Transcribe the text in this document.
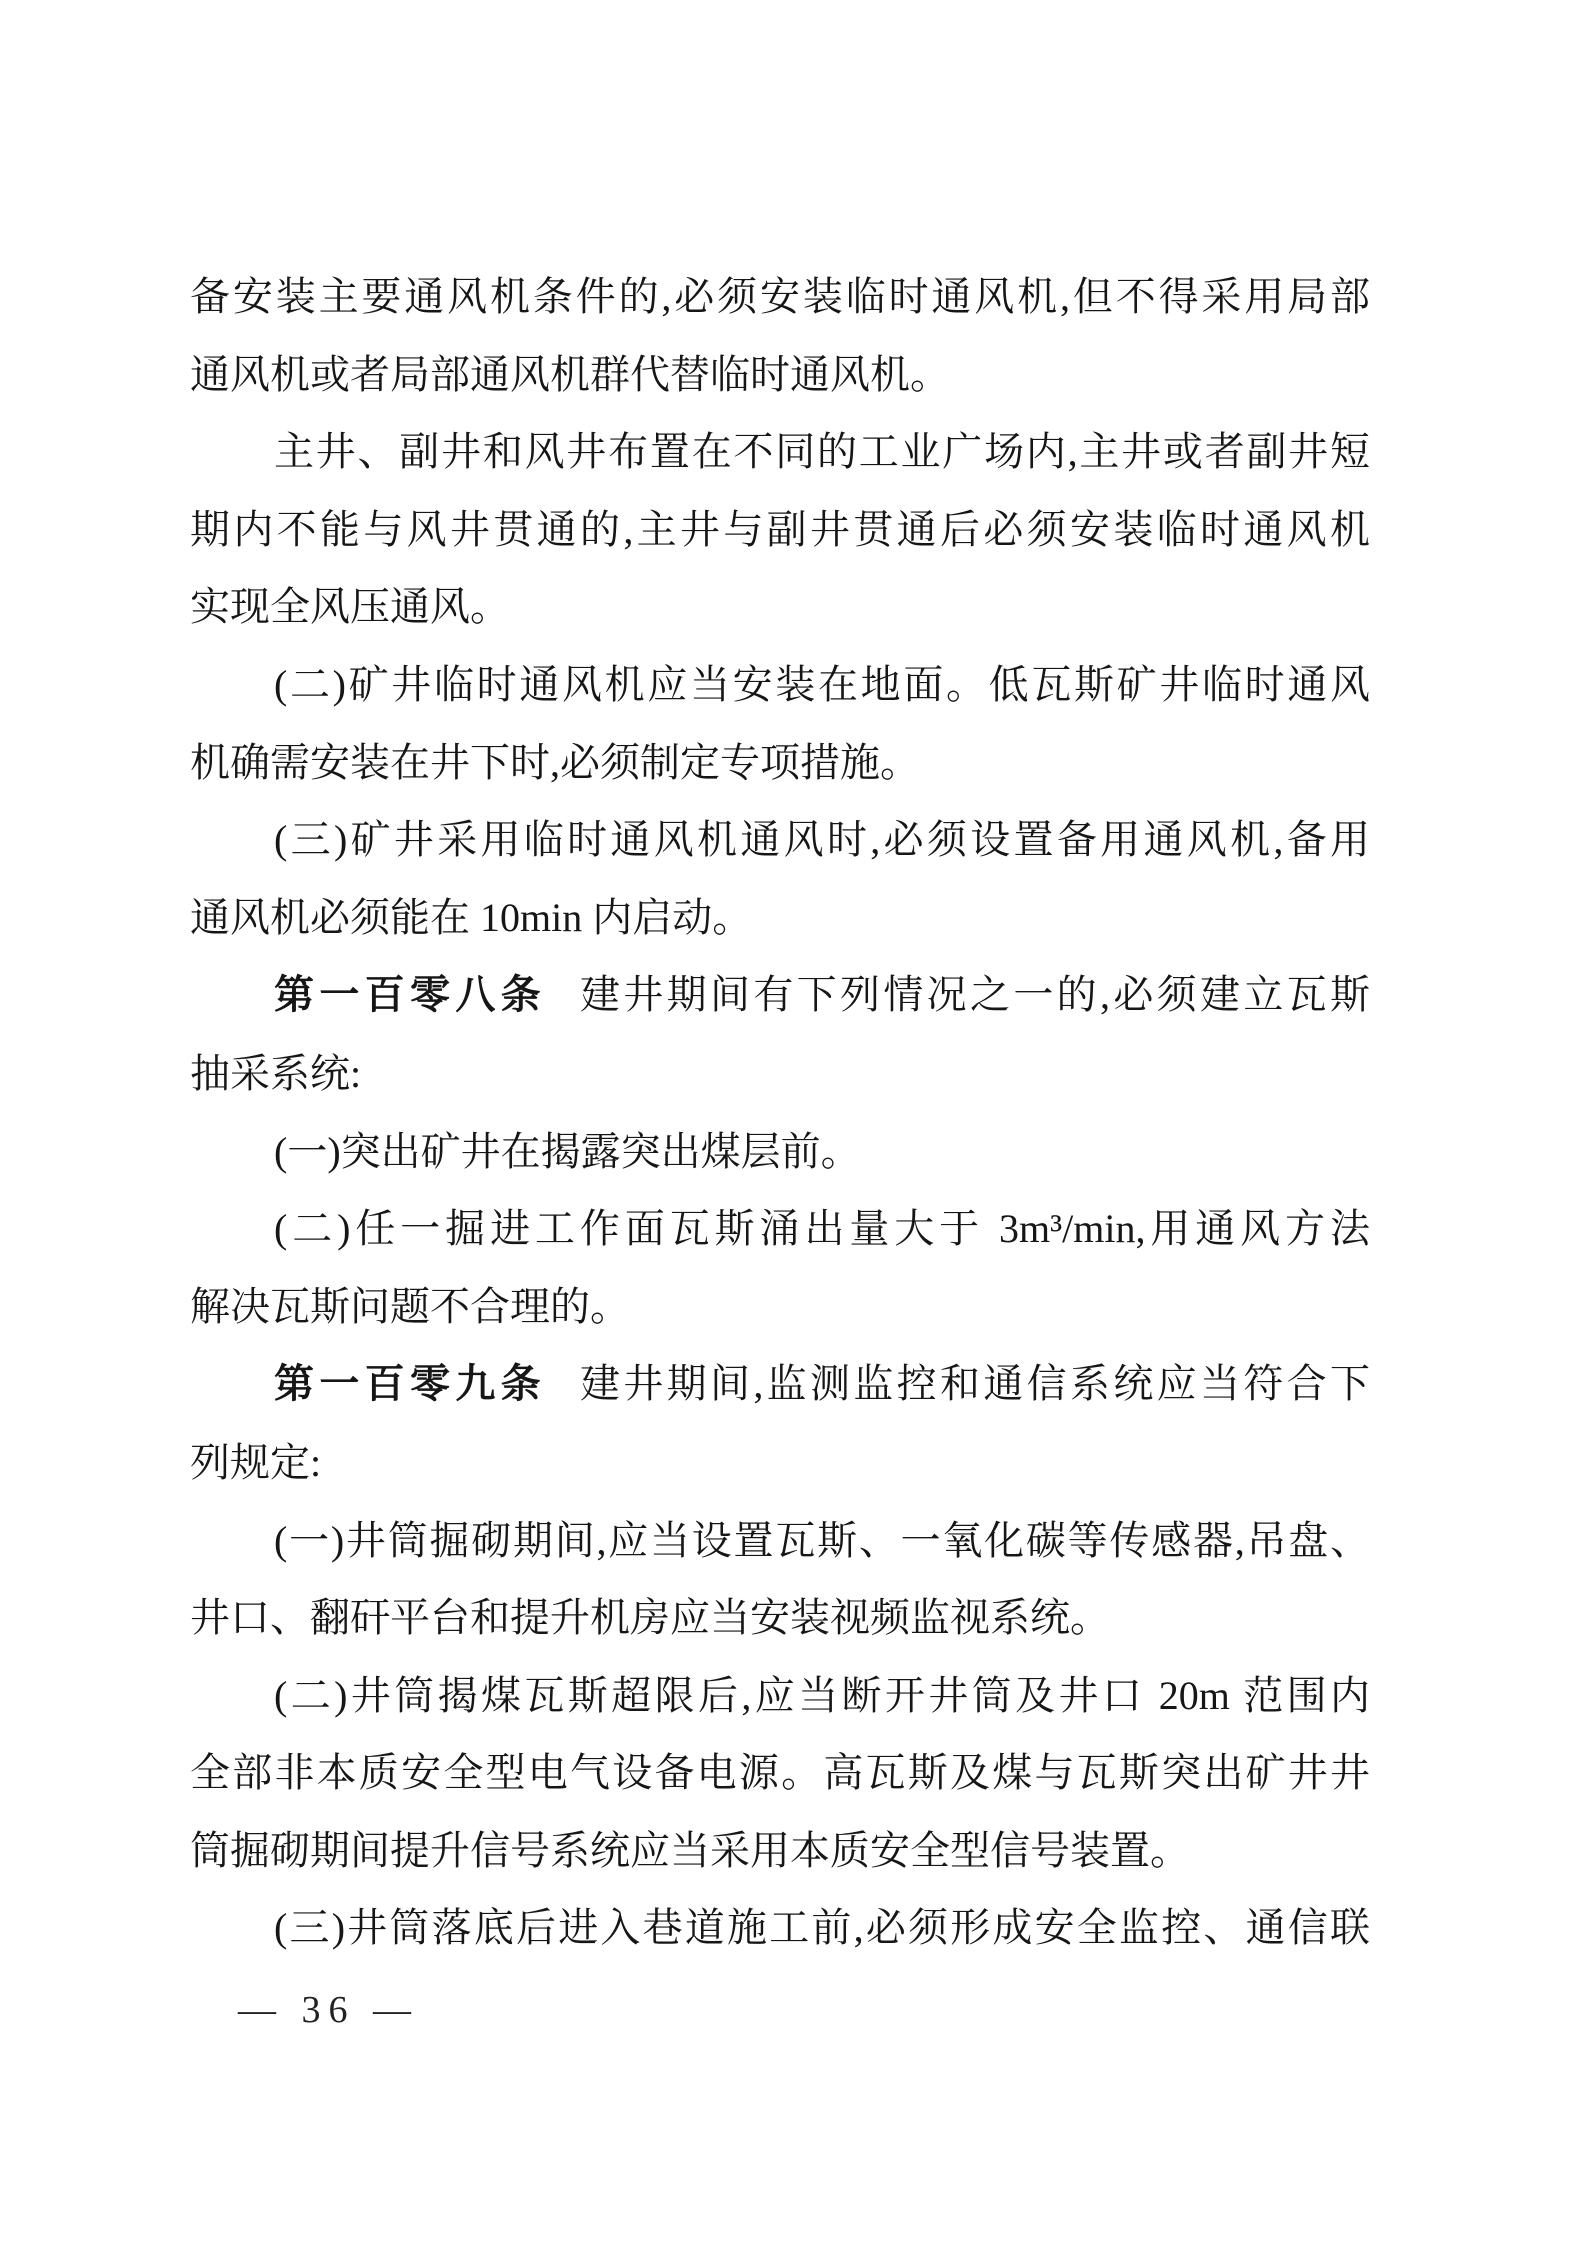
备安装主要通风机条件的,必须安装临时通风机,但不得采用局部
通风机或者局部通风机群代替临时通风机。
主井、副井和风井布置在不同的工业广场内,主井或者副井短
期内不能与风井贯通的,主井与副井贯通后必须安装临时通风机
实现全风压通风。
(二)矿井临时通风机应当安装在地面。低瓦斯矿井临时通风
机确需安装在井下时,必须制定专项措施。
(三)矿井采用临时通风机通风时,必须设置备用通风机,备用
通风机必须能在 10min 内启动。
第一百零八条 建井期间有下列情况之一的,必须建立瓦斯
抽采系统:
(一)突出矿井在揭露突出煤层前。
(二)任一掘进工作面瓦斯涌出量大于 3m³/min,用通风方法
解决瓦斯问题不合理的。
第一百零九条 建井期间,监测监控和通信系统应当符合下
列规定:
(一)井筒掘砌期间,应当设置瓦斯、一氧化碳等传感器,吊盘、
井口、翻矸平台和提升机房应当安装视频监视系统。
(二)井筒揭煤瓦斯超限后,应当断开井筒及井口 20m 范围内
全部非本质安全型电气设备电源。高瓦斯及煤与瓦斯突出矿井井
筒掘砌期间提升信号系统应当采用本质安全型信号装置。
(三)井筒落底后进入巷道施工前,必须形成安全监控、通信联
— 36 —
